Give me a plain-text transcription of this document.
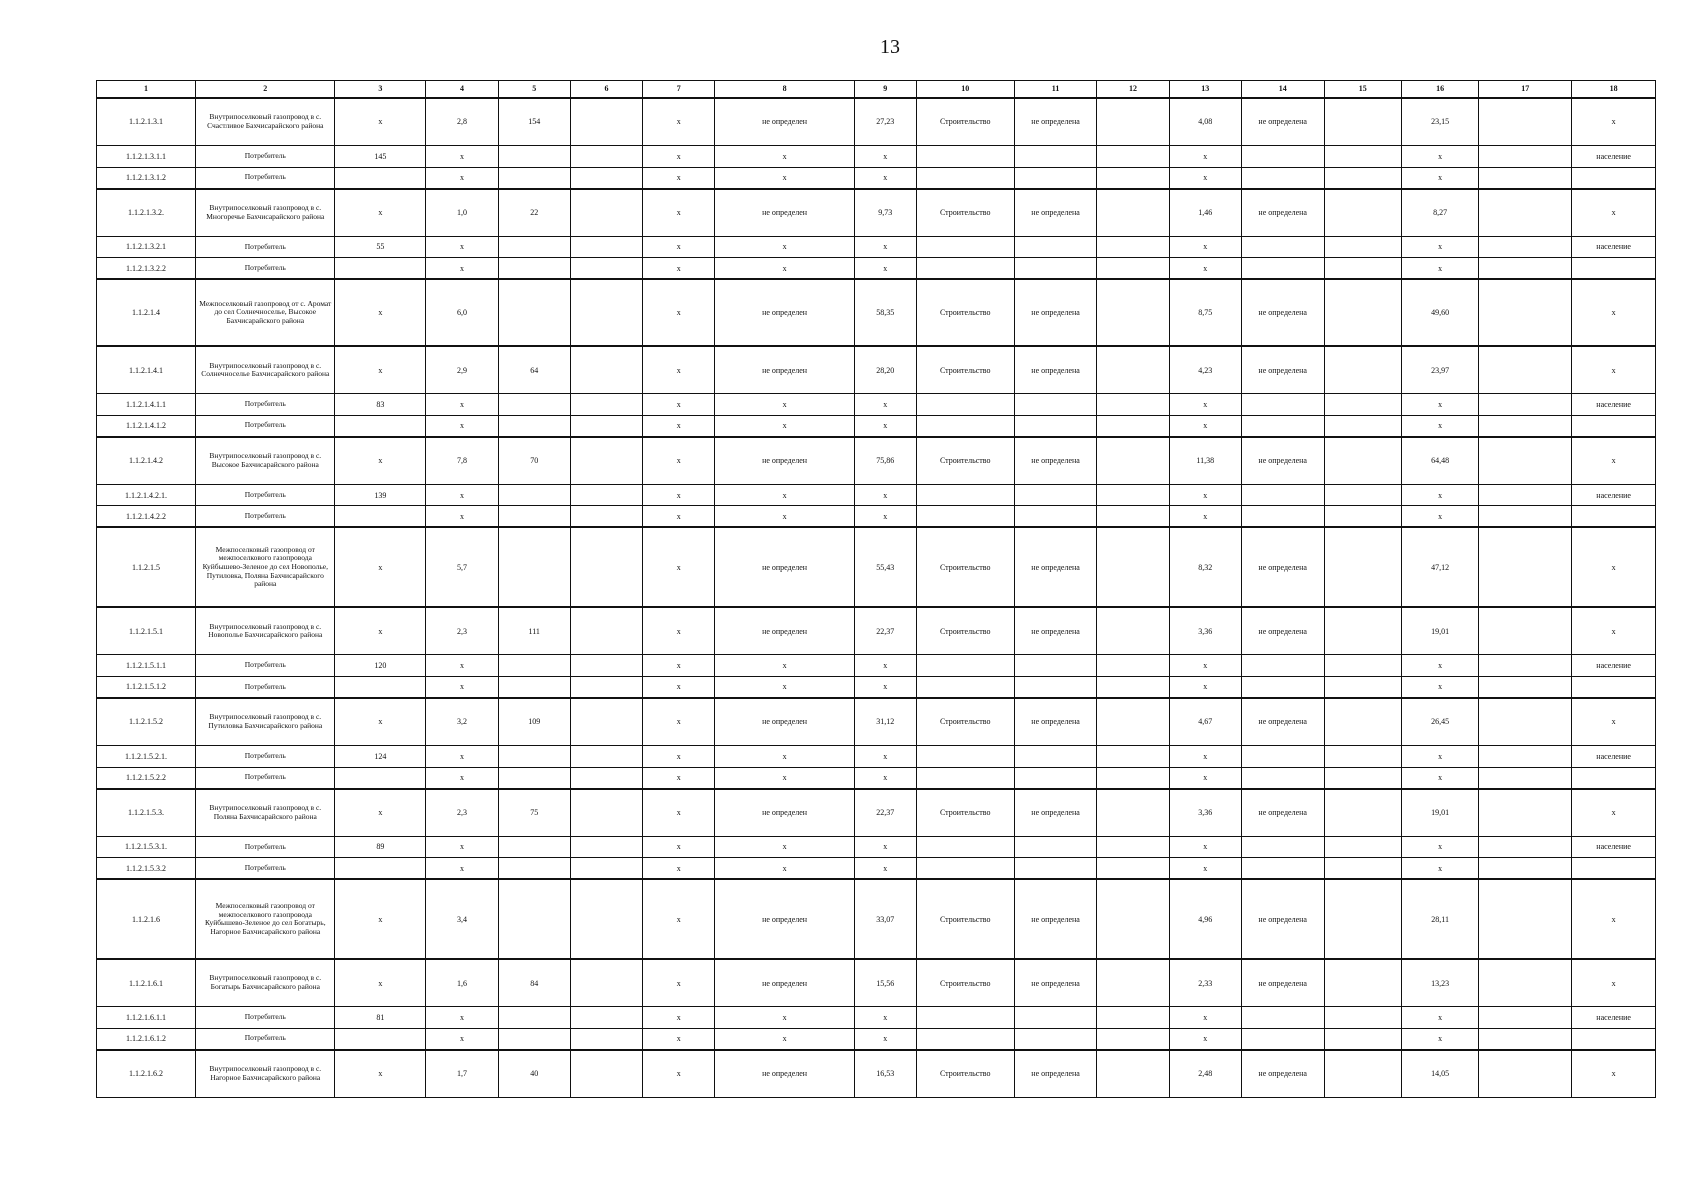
13
1	2	3	4	5	6	7	8	9	10	11	12	13	14	15	16	17	18
1.1.2.1.3.1	Внутрипоселковый газопровод в с. Счастливое Бахчисарайского района	x	2,8	154		x	не определен	27,23	Строительство	не определена		4,08	не определена		23,15		x
1.1.2.1.3.1.1	Потребитель	145	x			x	x	x				x			x		население
1.1.2.1.3.1.2	Потребитель		x			x	x	x				x			x		
1.1.2.1.3.2.	Внутрипоселковый газопровод в с. Многоречье Бахчисарайского района	x	1,0	22		x	не определен	9,73	Строительство	не определена		1,46	не определена		8,27		x
1.1.2.1.3.2.1	Потребитель	55	x			x	x	x				x			x		население
1.1.2.1.3.2.2	Потребитель		x			x	x	x				x			x		
1.1.2.1.4	Межпоселковый газопровод от с. Аромат до сел Солнечноселье, Высокое Бахчисарайского района	x	6,0			x	не определен	58,35	Строительство	не определена		8,75	не определена		49,60		x
1.1.2.1.4.1	Внутрипоселковый газопровод в с. Солнечноселье Бахчисарайского района	x	2,9	64		x	не определен	28,20	Строительство	не определена		4,23	не определена		23,97		x
1.1.2.1.4.1.1	Потребитель	83	x			x	x	x				x			x		население
1.1.2.1.4.1.2	Потребитель		x			x	x	x				x			x		
1.1.2.1.4.2	Внутрипоселковый газопровод в с. Высокое Бахчисарайского района	x	7,8	70		x	не определен	75,86	Строительство	не определена		11,38	не определена		64,48		x
1.1.2.1.4.2.1.	Потребитель	139	x			x	x	x				x			x		население
1.1.2.1.4.2.2	Потребитель		x			x	x	x				x			x		
1.1.2.1.5	Межпоселковый газопровод от межпоселкового газопровода Куйбышево-Зеленое до сел Новополье, Путиловка, Поляна Бахчисарайского района	x	5,7			x	не определен	55,43	Строительство	не определена		8,32	не определена		47,12		x
1.1.2.1.5.1	Внутрипоселковый газопровод в с. Новополье Бахчисарайского района	x	2,3	111		x	не определен	22,37	Строительство	не определена		3,36	не определена		19,01		x
1.1.2.1.5.1.1	Потребитель	120	x			x	x	x				x			x		население
1.1.2.1.5.1.2	Потребитель		x			x	x	x				x			x		
1.1.2.1.5.2	Внутрипоселковый газопровод в с. Путиловка Бахчисарайского района	x	3,2	109		x	не определен	31,12	Строительство	не определена		4,67	не определена		26,45		x
1.1.2.1.5.2.1.	Потребитель	124	x			x	x	x				x			x		население
1.1.2.1.5.2.2	Потребитель		x			x	x	x				x			x		
1.1.2.1.5.3.	Внутрипоселковый газопровод в с. Поляна Бахчисарайского района	x	2,3	75		x	не определен	22,37	Строительство	не определена		3,36	не определена		19,01		x
1.1.2.1.5.3.1.	Потребитель	89	x			x	x	x				x			x		население
1.1.2.1.5.3.2	Потребитель		x			x	x	x				x			x		
1.1.2.1.6	Межпоселковый газопровод от межпоселкового газопровода Куйбышево-Зеленое до сел Богатырь, Нагорное Бахчисарайского района	x	3,4			x	не определен	33,07	Строительство	не определена		4,96	не определена		28,11		x
1.1.2.1.6.1	Внутрипоселковый газопровод в с. Богатырь Бахчисарайского района	x	1,6	84		x	не определен	15,56	Строительство	не определена		2,33	не определена		13,23		x
1.1.2.1.6.1.1	Потребитель	81	x			x	x	x				x			x		население
1.1.2.1.6.1.2	Потребитель		x			x	x	x				x			x		
1.1.2.1.6.2	Внутрипоселковый газопровод в с. Нагорное Бахчисарайского района	x	1,7	40		x	не определен	16,53	Строительство	не определена		2,48	не определена		14,05		x
